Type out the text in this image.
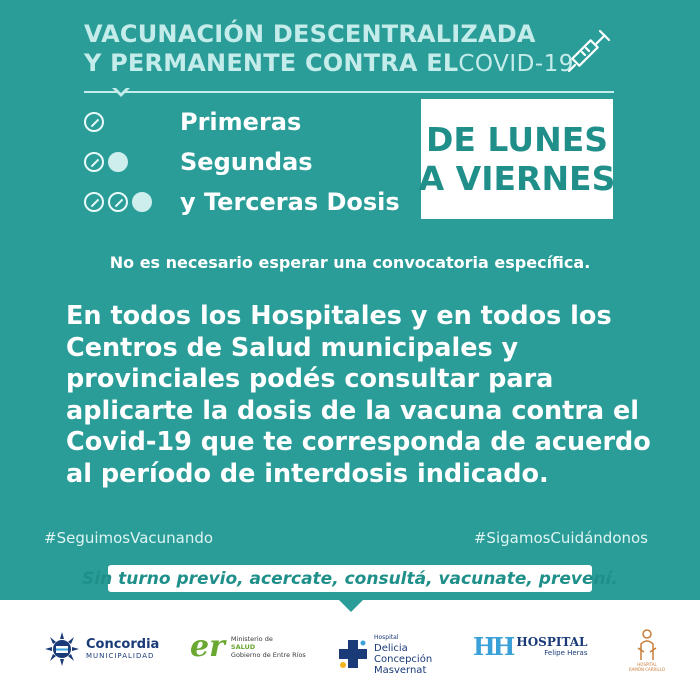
VACUNACIÓN DESCENTRALIZADA
Y PERMANENTE CONTRA ELCOVID-19
Primeras
Segundas
y Terceras Dosis
DE LUNES
A VIERNES
No es necesario esperar una convocatoria específica.
En todos los Hospitales y en todos los
Centros de Salud municipales y
provinciales podés consultar para
aplicarte la dosis de la vacuna contra el
Covid-19 que te corresponda de acuerdo
al período de interdosis indicado.
#SeguimosVacunando	#SigamosCuidándonos
Sin turno previo, acercate, consultá, vacunate, prevení.
Concordia
MUNICIPALIDAD er Ministerio de
SALUD
Gobierno de Entre Ríos
Hospital
Delicia
Concepción
Masvernat
HH HOSPITAL
Felipe Heras
HOSPITAL
RAMÓN CARRILLO
